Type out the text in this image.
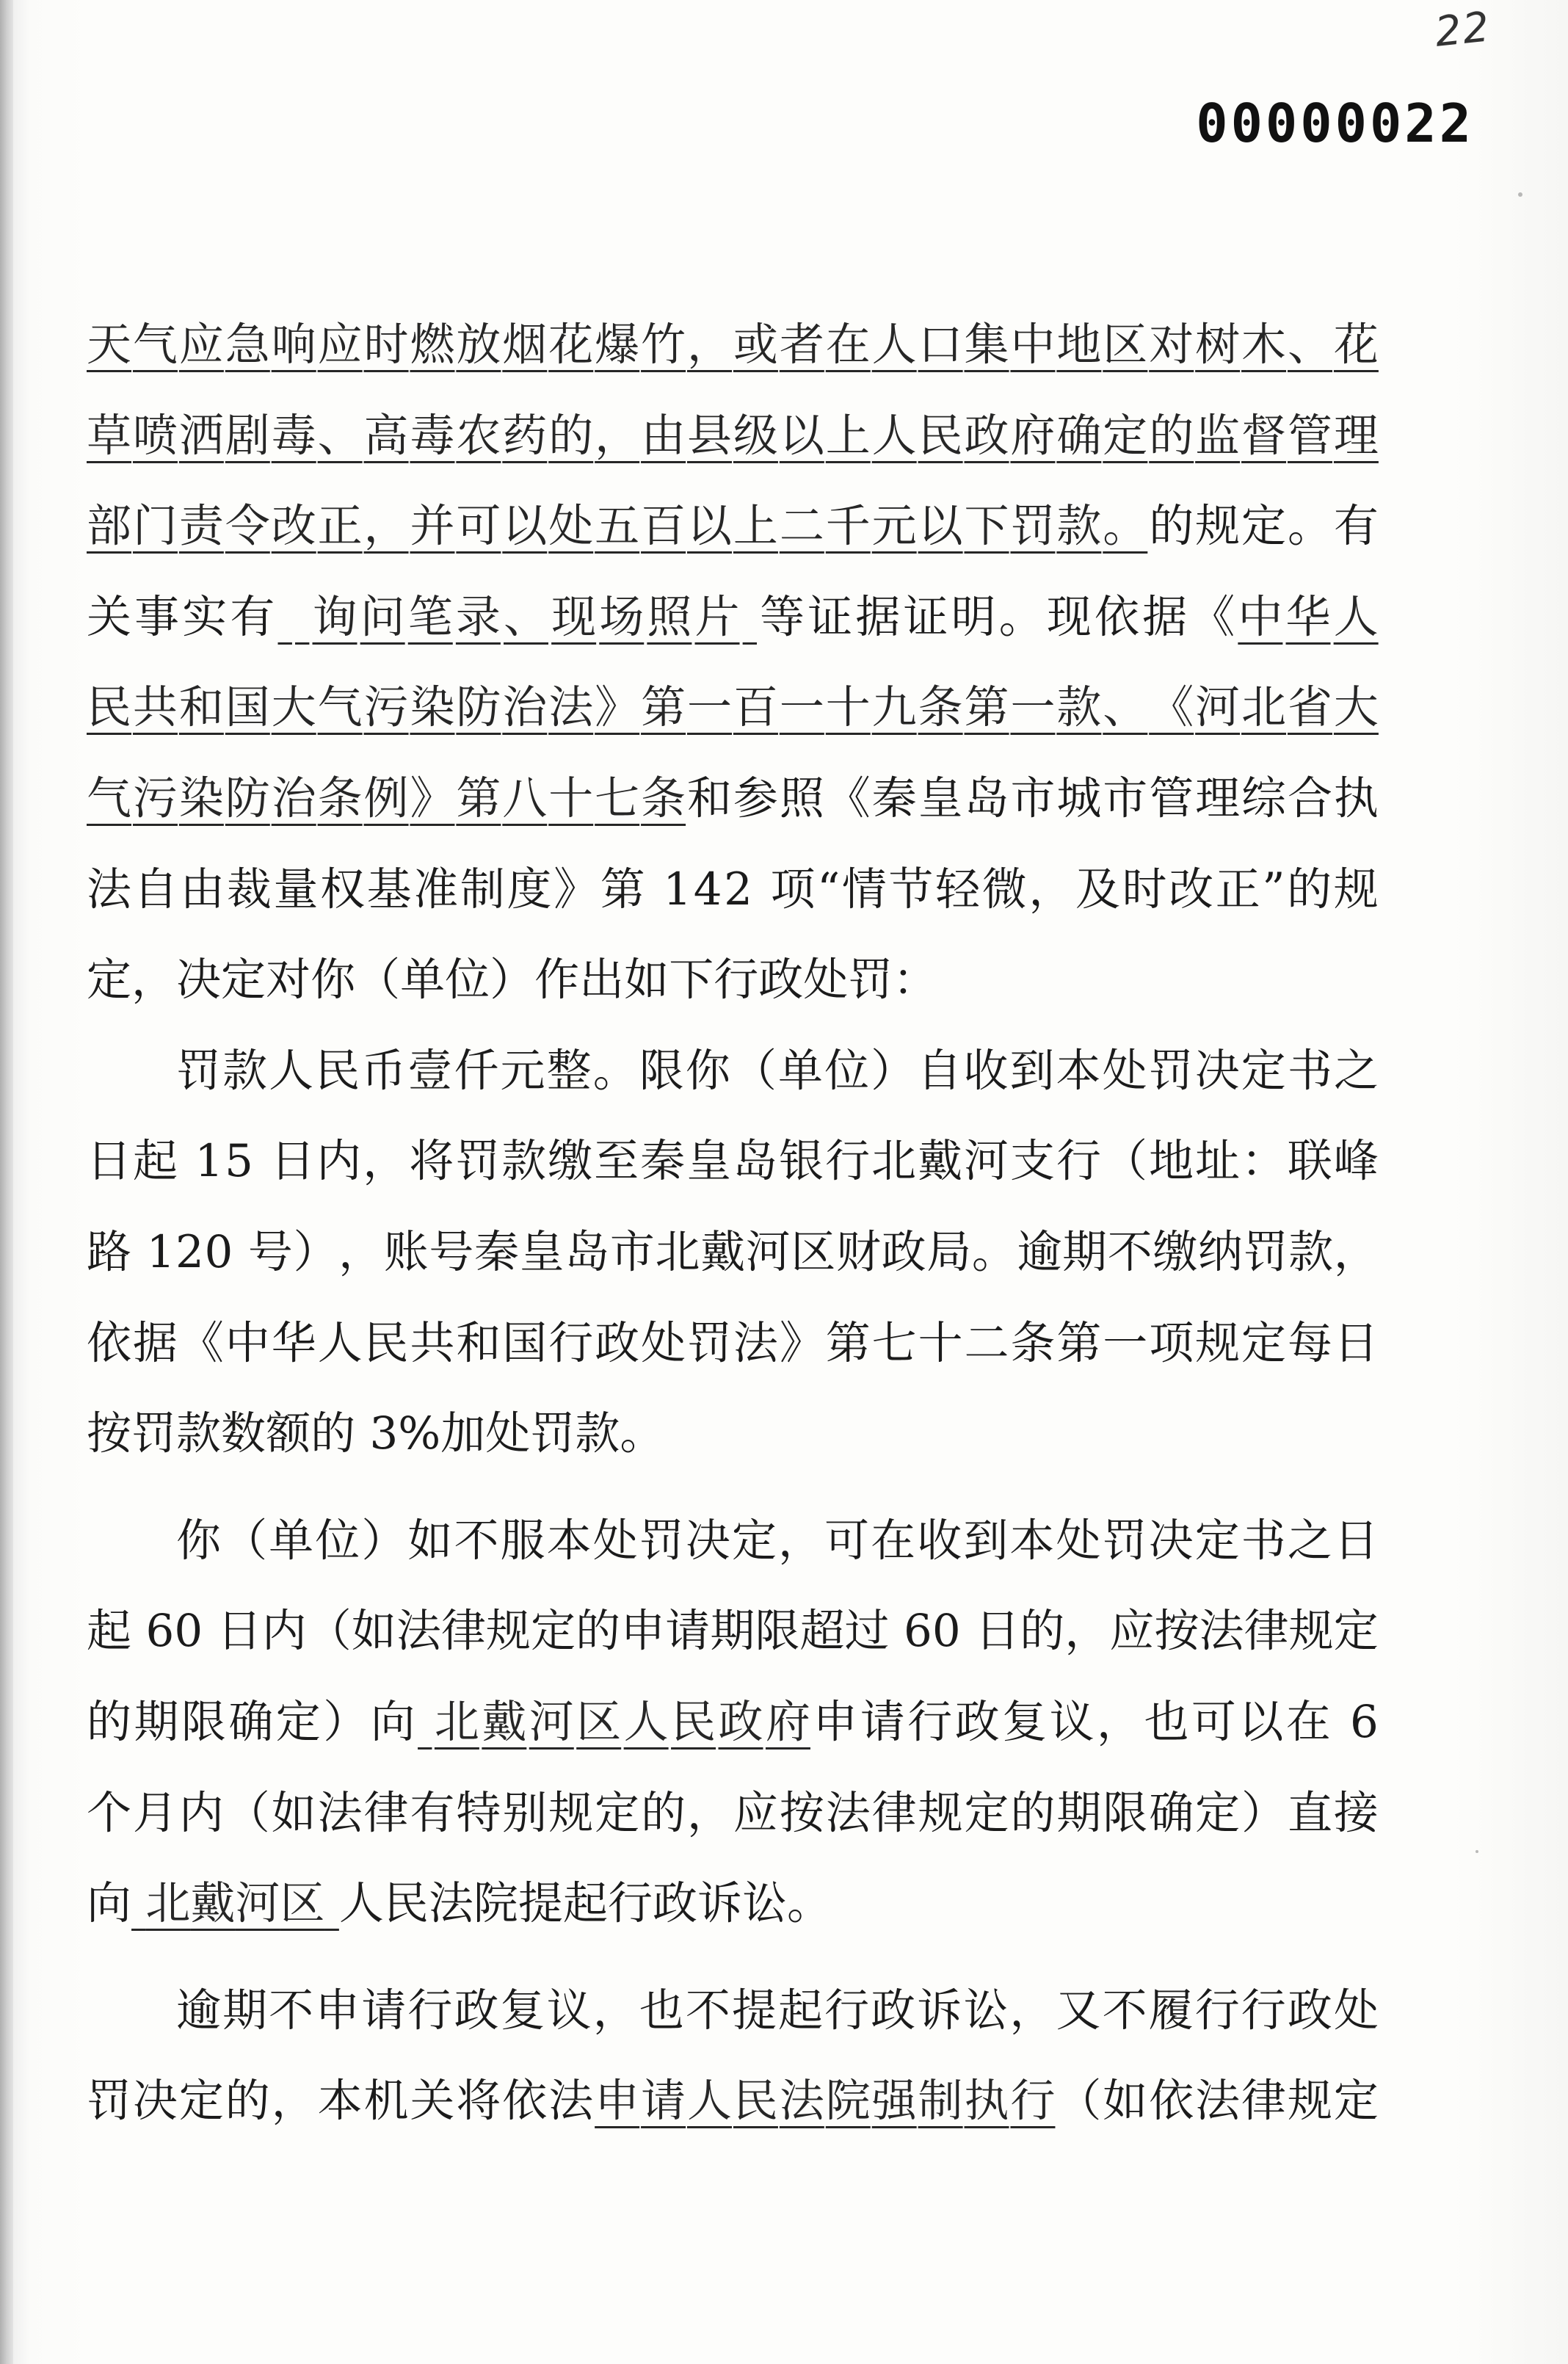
22
00000022
天 气 应 急 响 应 时 燃 放 烟 花 爆 竹 ， 或 者 在 人 口 集 中 地 区 对 树 木 、 花
草 喷 洒 剧 毒 、 高 毒 农 药 的 ， 由 县 级 以 上 人 民 政 府 确 定 的 监 督 管 理
部 门 责 令 改 正 ， 并 可 以 处 五 百 以 上 二 千 元 以 下 罚 款 。 的 规 定 。 有
关 事 实 有

询 问 笔 录 、 现 场 照 片
等 证 据 证 明 。 现 依 据 《 中 华 人
民 共 和 国 大 气 污 染 防 治 法 》 第 一 百 一 十 九 条 第 一 款 、 《 河 北 省 大
气 污 染 防 治 条 例 》 第 八 十 七 条 和 参 照 《 秦 皇 岛 市 城 市 管 理 综 合 执
法 自 由 裁 量 权 基 准 制 度 》 第
1 4 2
项 “ 情 节 轻 微 ， 及 时 改 正 ” 的 规
定 ， 决 定 对 你 （ 单 位 ） 作 出 如 下 行 政 处 罚 ：
罚 款 人 民 币 壹 仟 元 整 。 限 你 （ 单 位 ） 自 收 到 本 处 罚 决 定 书 之
日 起
1 5
日 内 ， 将 罚 款 缴 至 秦 皇 岛 银 行 北 戴 河 支 行 （ 地 址 ： 联 峰
路
1 2 0
号 ） ， 账 号 秦 皇 岛 市 北 戴 河 区 财 政 局 。 逾 期 不 缴 纳 罚 款 ，
依 据 《 中 华 人 民 共 和 国 行 政 处 罚 法 》 第 七 十 二 条 第 一 项 规 定 每 日
按 罚 款 数 额 的
3 % 加 处 罚 款 。
你 （ 单 位 ） 如 不 服 本 处 罚 决 定 ， 可 在 收 到 本 处 罚 决 定 书 之 日
起
6 0
日 内 （ 如 法 律 规 定 的 申 请 期 限 超 过
6 0
日 的 ， 应 按 法 律 规 定
的 期 限 确 定 ） 向
北 戴 河 区 人 民 政 府 申 请 行 政 复 议 ， 也 可 以 在
6
个 月 内 （ 如 法 律 有 特 别 规 定 的 ， 应 按 法 律 规 定 的 期 限 确 定 ） 直 接
向
北 戴 河 区
人 民 法 院 提 起 行 政 诉 讼 。
逾 期 不 申 请 行 政 复 议 ， 也 不 提 起 行 政 诉 讼 ， 又 不 履 行 行 政 处
罚 决 定 的 ， 本 机 关 将 依 法 申 请 人 民 法 院 强 制 执 行 （ 如 依 法 律 规 定
